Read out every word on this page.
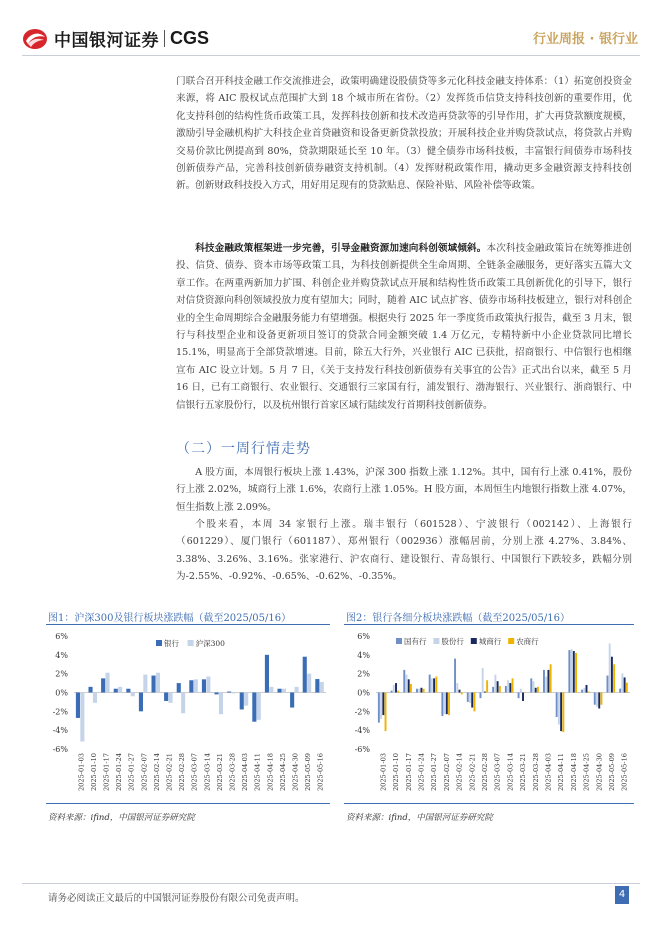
中国银河证券 CGS	行业周报 · 银行业

门联合召开科技金融工作交流推进会，政策明确建设股债贷等多元化科技金融支持体系：（1）拓宽创投资金来源，将 AIC 股权试点范围扩大到 18 个城市所在省份。（2）发挥货币信贷支持科技创新的重要作用，优化支持科创的结构性货币政策工具，发挥科技创新和技术改造再贷款等的引导作用，扩大再贷款额度规模，激励引导金融机构扩大科技企业首贷融资和设备更新贷款投放；开展科技企业并购贷款试点，将贷款占并购交易价款比例提高到 80%，贷款期限延长至 10 年。（3）健全债券市场科技板，丰富银行间债券市场科技创新债券产品，完善科技创新债券融资支持机制。（4）发挥财税政策作用，撬动更多金融资源支持科技创新。创新财政科技投入方式，用好用足现有的贷款贴息、保险补贴、风险补偿等政策。

科技金融政策框架进一步完善，引导金融资源加速向科创领域倾斜。本次科技金融政策旨在统筹推进创投、信贷、债券、资本市场等政策工具，为科技创新提供全生命周期、全链条金融服务，更好落实五篇大文章工作。在两重两新加力扩围、科创企业并购贷款试点开展和结构性货币政策工具创新优化的引导下，银行对信贷资源向科创领域投放力度有望加大；同时，随着 AIC 试点扩容、债券市场科技板建立，银行对科创企业的全生命周期综合金融服务能力有望增强。根据央行 2025 年一季度货币政策执行报告，截至 3 月末，银行与科技型企业和设备更新项目签订的贷款合同金额突破 1.4 万亿元，专精特新中小企业贷款同比增长 15.1%，明显高于全部贷款增速。目前，除五大行外，兴业银行 AIC 已获批，招商银行、中信银行也相继宣布 AIC 设立计划。5 月 7 日，《关于支持发行科技创新债券有关事宜的公告》正式出台以来，截至 5 月 16 日，已有工商银行、农业银行、交通银行三家国有行，浦发银行、渤海银行、兴业银行、浙商银行、中信银行五家股份行，以及杭州银行首家区域行陆续发行首期科技创新债券。

（二）一周行情走势

A 股方面，本周银行板块上涨 1.43%，沪深 300 指数上涨 1.12%。其中，国有行上涨 0.41%，股份行上涨 2.02%，城商行上涨 1.6%，农商行上涨 1.05%。H 股方面，本周恒生内地银行指数上涨 4.07%，恒生指数上涨 2.09%。

个股来看，本周 34 家银行上涨。瑞丰银行（601528）、宁波银行（002142）、上海银行（601229）、厦门银行（601187）、郑州银行（002936）涨幅居前，分别上涨 4.27%、3.84%、3.38%、3.26%、3.16%。张家港行、沪农商行、建设银行、青岛银行、中国银行下跌较多，跌幅分别为-2.55%、-0.92%、-0.65%、-0.62%、-0.35%。

图1：沪深300及银行板块涨跌幅（截至2025/05/16）
6%
4%
2%
0%
-2%
-4%
-6%
2025-01-03 2025-01-10 2025-01-17 2025-01-24 2025-01-27 2025-02-07 2025-02-14 2025-02-21 2025-02-28 2025-03-07 2025-03-14 2025-03-21 2025-03-28 2025-04-03 2025-04-11 2025-04-18 2025-04-25 2025-04-30 2025-05-09 2025-05-16
银行 沪深300
资料来源：ifind，中国银河证券研究院
图2：银行各细分板块涨跌幅（截至2025/05/16）
6%
4%
2%
0%
-2%
-4%
-6%
2025-01-03 2025-01-10 2025-01-17 2025-01-24 2025-01-27 2025-02-07 2025-02-14 2025-02-21 2025-02-28 2025-03-07 2025-03-14 2025-03-21 2025-03-28 2025-04-03 2025-04-11 2025-04-18 2025-04-25 2025-04-30 2025-05-09 2025-05-16
国有行 股份行 城商行 农商行
资料来源：ifind，中国银河证券研究院
请务必阅读正文最后的中国银河证券股份有限公司免责声明。	4
